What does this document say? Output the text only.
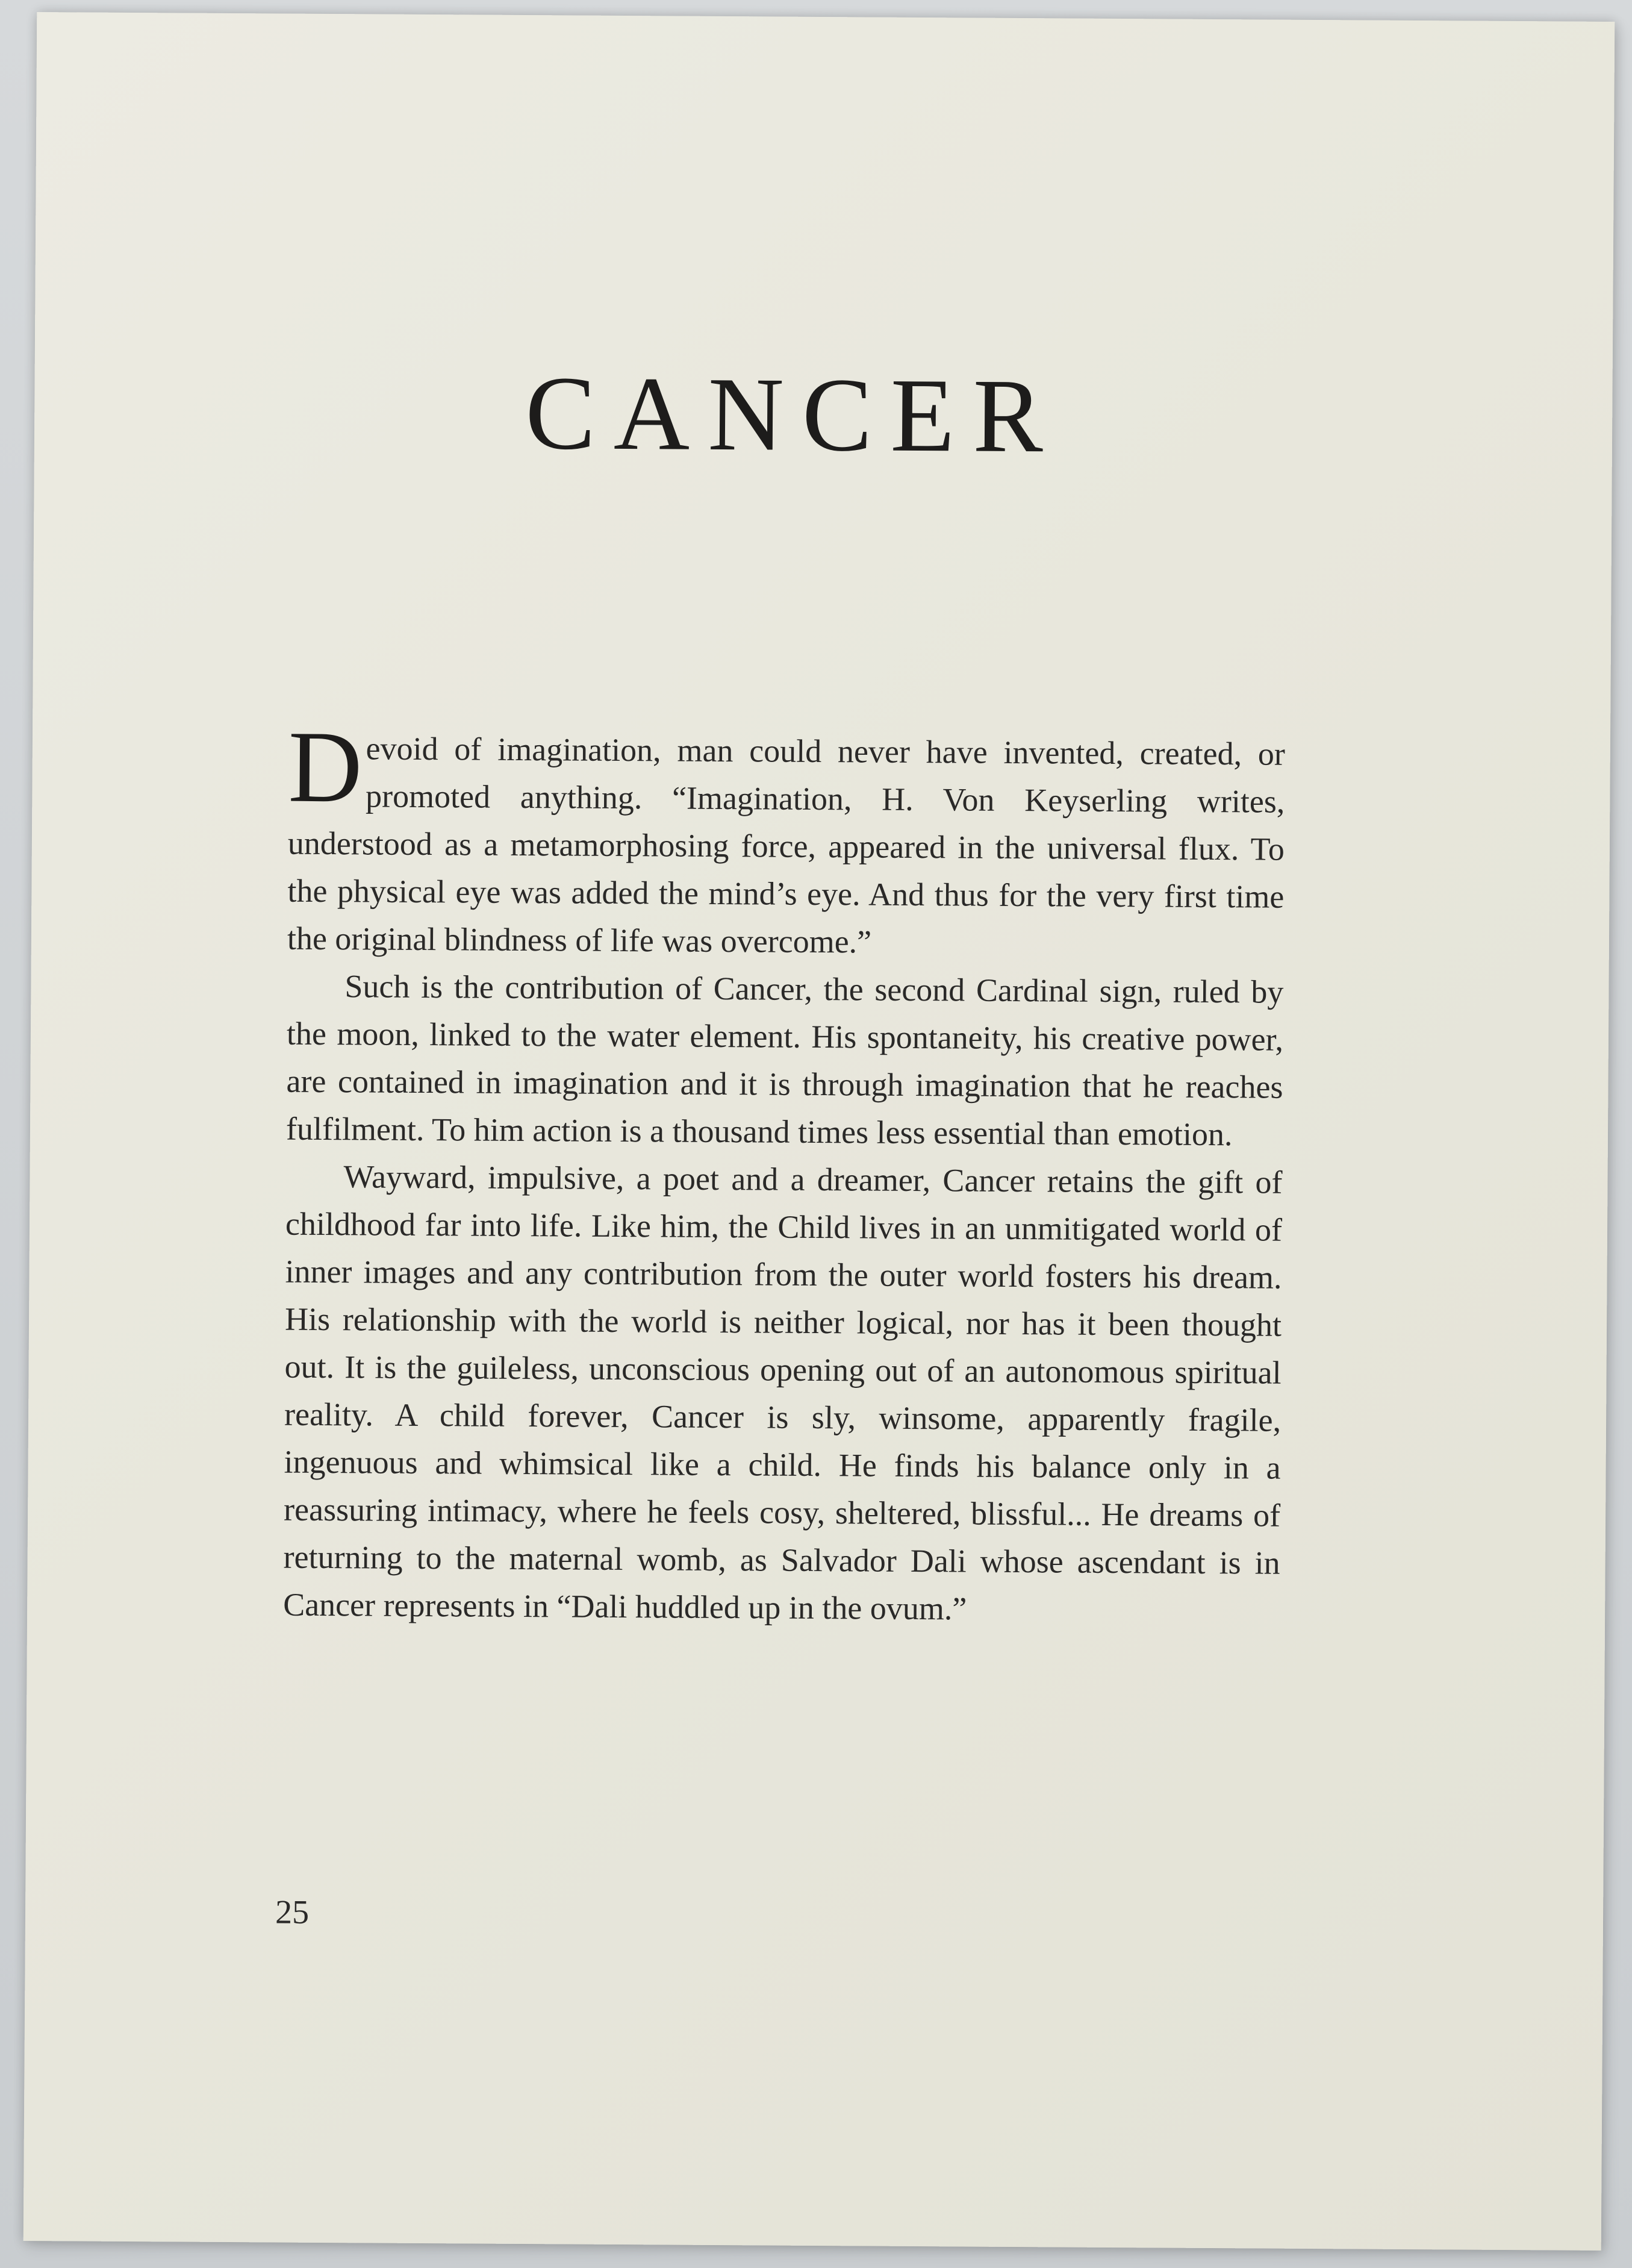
CANCER

Devoid of imagination, man could never have invented, created, or promoted anything. “Imagination, H. Von Keyserling writes, understood as a metamorphosing force, appeared in the universal flux. To the physical eye was added the mind’s eye. And thus for the very first time the original blindness of life was overcome.”

Such is the contribution of Cancer, the second Cardinal sign, ruled by the moon, linked to the water element. His spontaneity, his creative power, are contained in imagination and it is through imagination that he reaches fulfilment. To him action is a thousand times less essential than emotion.

Wayward, impulsive, a poet and a dreamer, Cancer retains the gift of childhood far into life. Like him, the Child lives in an unmitigated world of inner images and any contribution from the outer world fosters his dream. His relationship with the world is neither logical, nor has it been thought out. It is the guileless, unconscious opening out of an autonomous spiritual reality. A child forever, Cancer is sly, winsome, apparently fragile, ingenuous and whimsical like a child. He finds his balance only in a reassuring intimacy, where he feels cosy, sheltered, blissful... He dreams of returning to the maternal womb, as Salvador Dali whose ascendant is in Cancer represents in “Dali huddled up in the ovum.”

25
